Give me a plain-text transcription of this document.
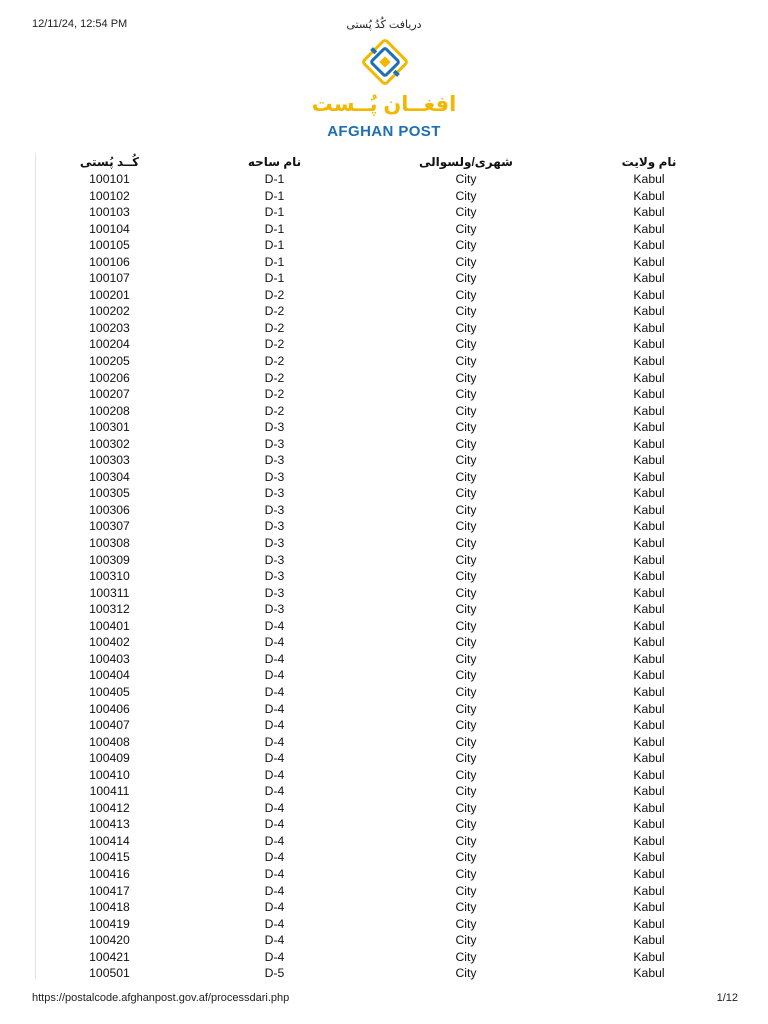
12/11/24, 12:54 PM	دریافت کُدُ پُستی
افغــان پُــست
AFGHAN POST
کُــد پُستی	نام ساحه	شهری/ولسوالی	نام ولایت
100101	D-1	City	Kabul
100102	D-1	City	Kabul
100103	D-1	City	Kabul
100104	D-1	City	Kabul
100105	D-1	City	Kabul
100106	D-1	City	Kabul
100107	D-1	City	Kabul
100201	D-2	City	Kabul
100202	D-2	City	Kabul
100203	D-2	City	Kabul
100204	D-2	City	Kabul
100205	D-2	City	Kabul
100206	D-2	City	Kabul
100207	D-2	City	Kabul
100208	D-2	City	Kabul
100301	D-3	City	Kabul
100302	D-3	City	Kabul
100303	D-3	City	Kabul
100304	D-3	City	Kabul
100305	D-3	City	Kabul
100306	D-3	City	Kabul
100307	D-3	City	Kabul
100308	D-3	City	Kabul
100309	D-3	City	Kabul
100310	D-3	City	Kabul
100311	D-3	City	Kabul
100312	D-3	City	Kabul
100401	D-4	City	Kabul
100402	D-4	City	Kabul
100403	D-4	City	Kabul
100404	D-4	City	Kabul
100405	D-4	City	Kabul
100406	D-4	City	Kabul
100407	D-4	City	Kabul
100408	D-4	City	Kabul
100409	D-4	City	Kabul
100410	D-4	City	Kabul
100411	D-4	City	Kabul
100412	D-4	City	Kabul
100413	D-4	City	Kabul
100414	D-4	City	Kabul
100415	D-4	City	Kabul
100416	D-4	City	Kabul
100417	D-4	City	Kabul
100418	D-4	City	Kabul
100419	D-4	City	Kabul
100420	D-4	City	Kabul
100421	D-4	City	Kabul
100501	D-5	City	Kabul
https://postalcode.afghanpost.gov.af/processdari.php	1/12
